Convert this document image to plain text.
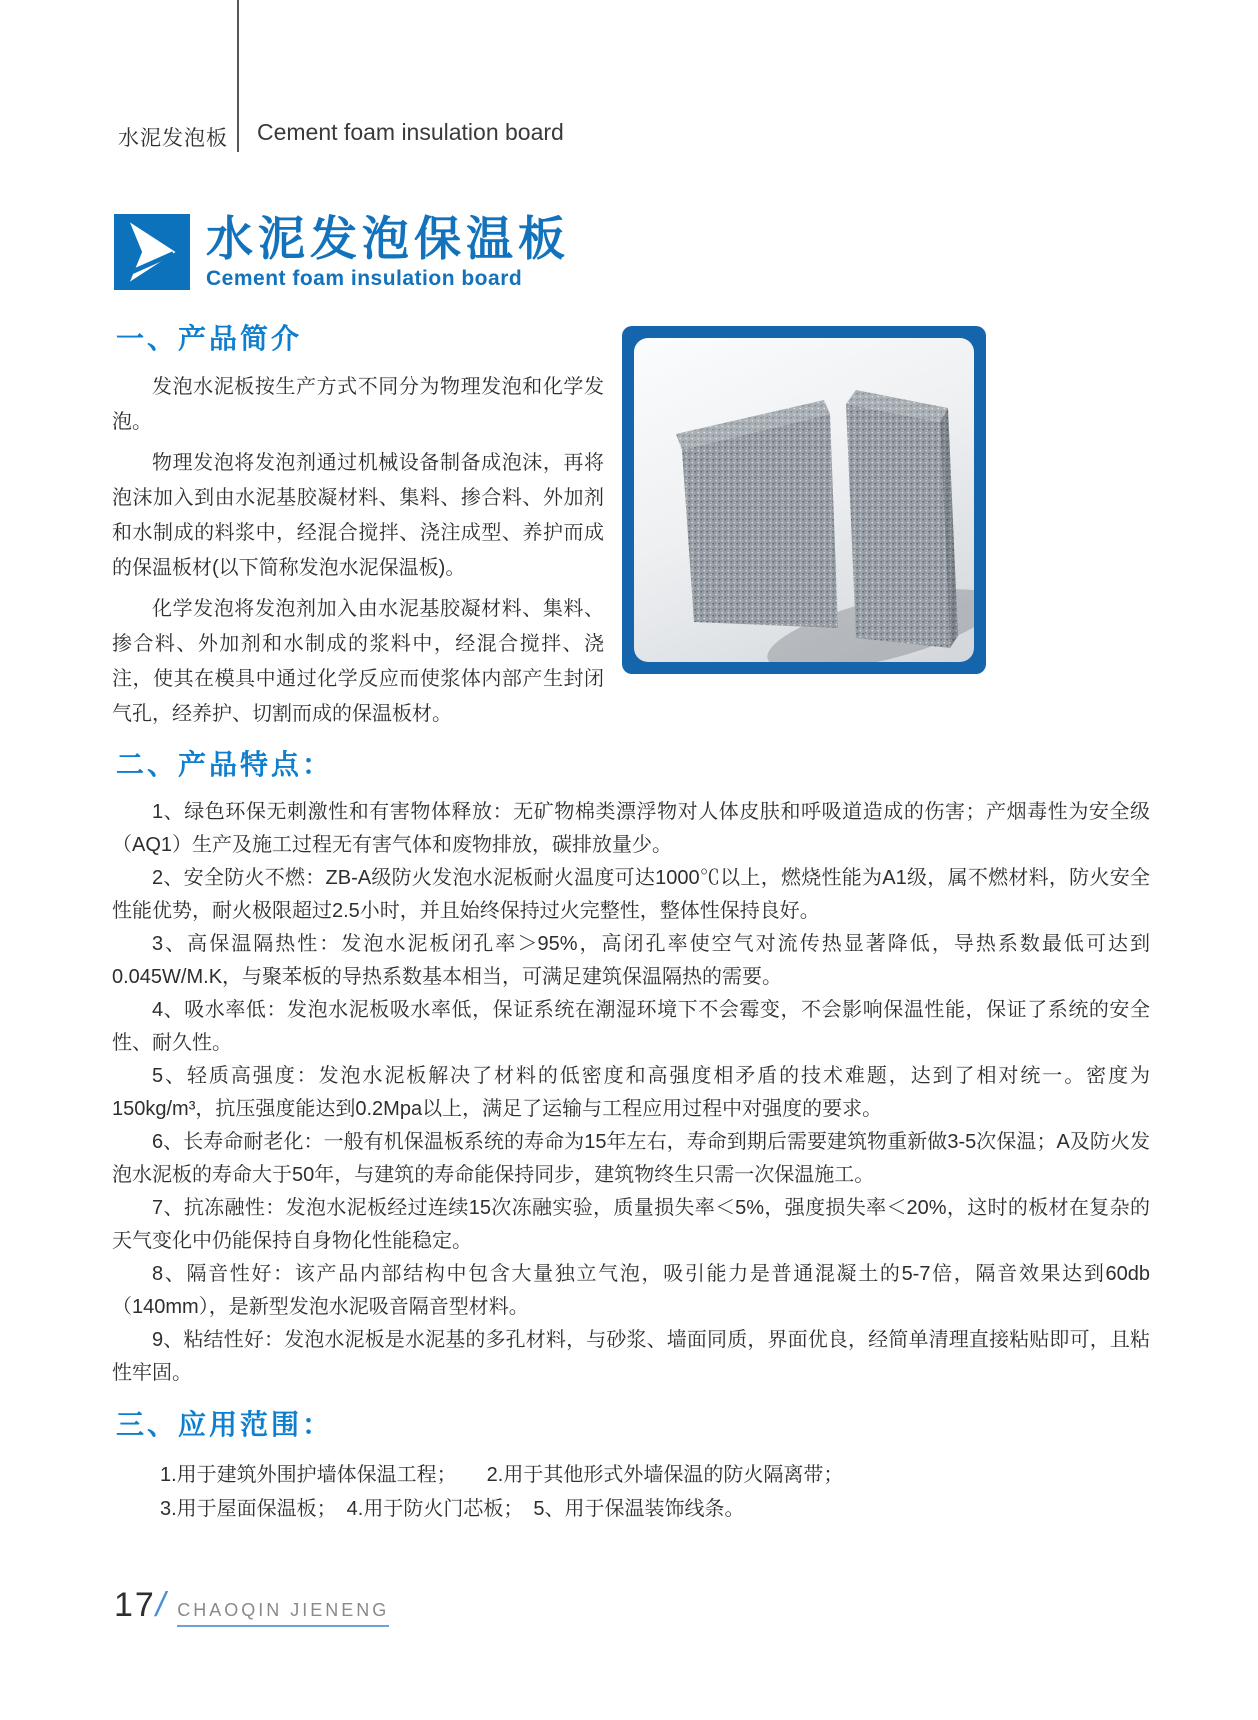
水泥发泡板 Cement foam insulation board
水泥发泡保温板
Cement foam insulation board
一、产品简介

发泡水泥板按生产方式不同分为物理发泡和化学发泡。

物理发泡将发泡剂通过机械设备制备成泡沫，再将泡沫加入到由水泥基胶凝材料、集料、掺合料、外加剂和水制成的料浆中，经混合搅拌、浇注成型、养护而成的保温板材(以下简称发泡水泥保温板)。

化学发泡将发泡剂加入由水泥基胶凝材料、集料、掺合料、外加剂和水制成的浆料中，经混合搅拌、浇注，使其在模具中通过化学反应而使浆体内部产生封闭气孔，经养护、切割而成的保温板材。

二、产品特点：

1、绿色环保无刺激性和有害物体释放：无矿物棉类漂浮物对人体皮肤和呼吸道造成的伤害；产烟毒性为安全级（AQ1）生产及施工过程无有害气体和废物排放，碳排放量少。

2、安全防火不燃：ZB-A级防火发泡水泥板耐火温度可达1000℃以上，燃烧性能为A1级，属不燃材料，防火安全性能优势，耐火极限超过2.5小时，并且始终保持过火完整性，整体性保持良好。

3、高保温隔热性：发泡水泥板闭孔率＞95%，高闭孔率使空气对流传热显著降低，导热系数最低可达到0.045W/M.K，与聚苯板的导热系数基本相当，可满足建筑保温隔热的需要。

4、吸水率低：发泡水泥板吸水率低，保证系统在潮湿环境下不会霉变，不会影响保温性能，保证了系统的安全性、耐久性。

5、轻质高强度：发泡水泥板解决了材料的低密度和高强度相矛盾的技术难题，达到了相对统一。密度为150kg/m³，抗压强度能达到0.2Mpa以上，满足了运输与工程应用过程中对强度的要求。

6、长寿命耐老化：一般有机保温板系统的寿命为15年左右，寿命到期后需要建筑物重新做3-5次保温；A及防火发泡水泥板的寿命大于50年，与建筑的寿命能保持同步，建筑物终生只需一次保温施工。

7、抗冻融性：发泡水泥板经过连续15次冻融实验，质量损失率＜5%，强度损失率＜20%，这时的板材在复杂的天气变化中仍能保持自身物化性能稳定。

8、隔音性好：该产品内部结构中包含大量独立气泡，吸引能力是普通混凝土的5-7倍，隔音效果达到60db（140mm），是新型发泡水泥吸音隔音型材料。

9、粘结性好：发泡水泥板是水泥基的多孔材料，与砂浆、墙面同质，界面优良，经简单清理直接粘贴即可，且粘性牢固。

三、应用范围：

1.用于建筑外围护墙体保温工程；　　2.用于其他形式外墙保温的防火隔离带；

3.用于屋面保温板；　4.用于防火门芯板；　5、用于保温装饰线条。

17/ CHAOQIN JIENENG
